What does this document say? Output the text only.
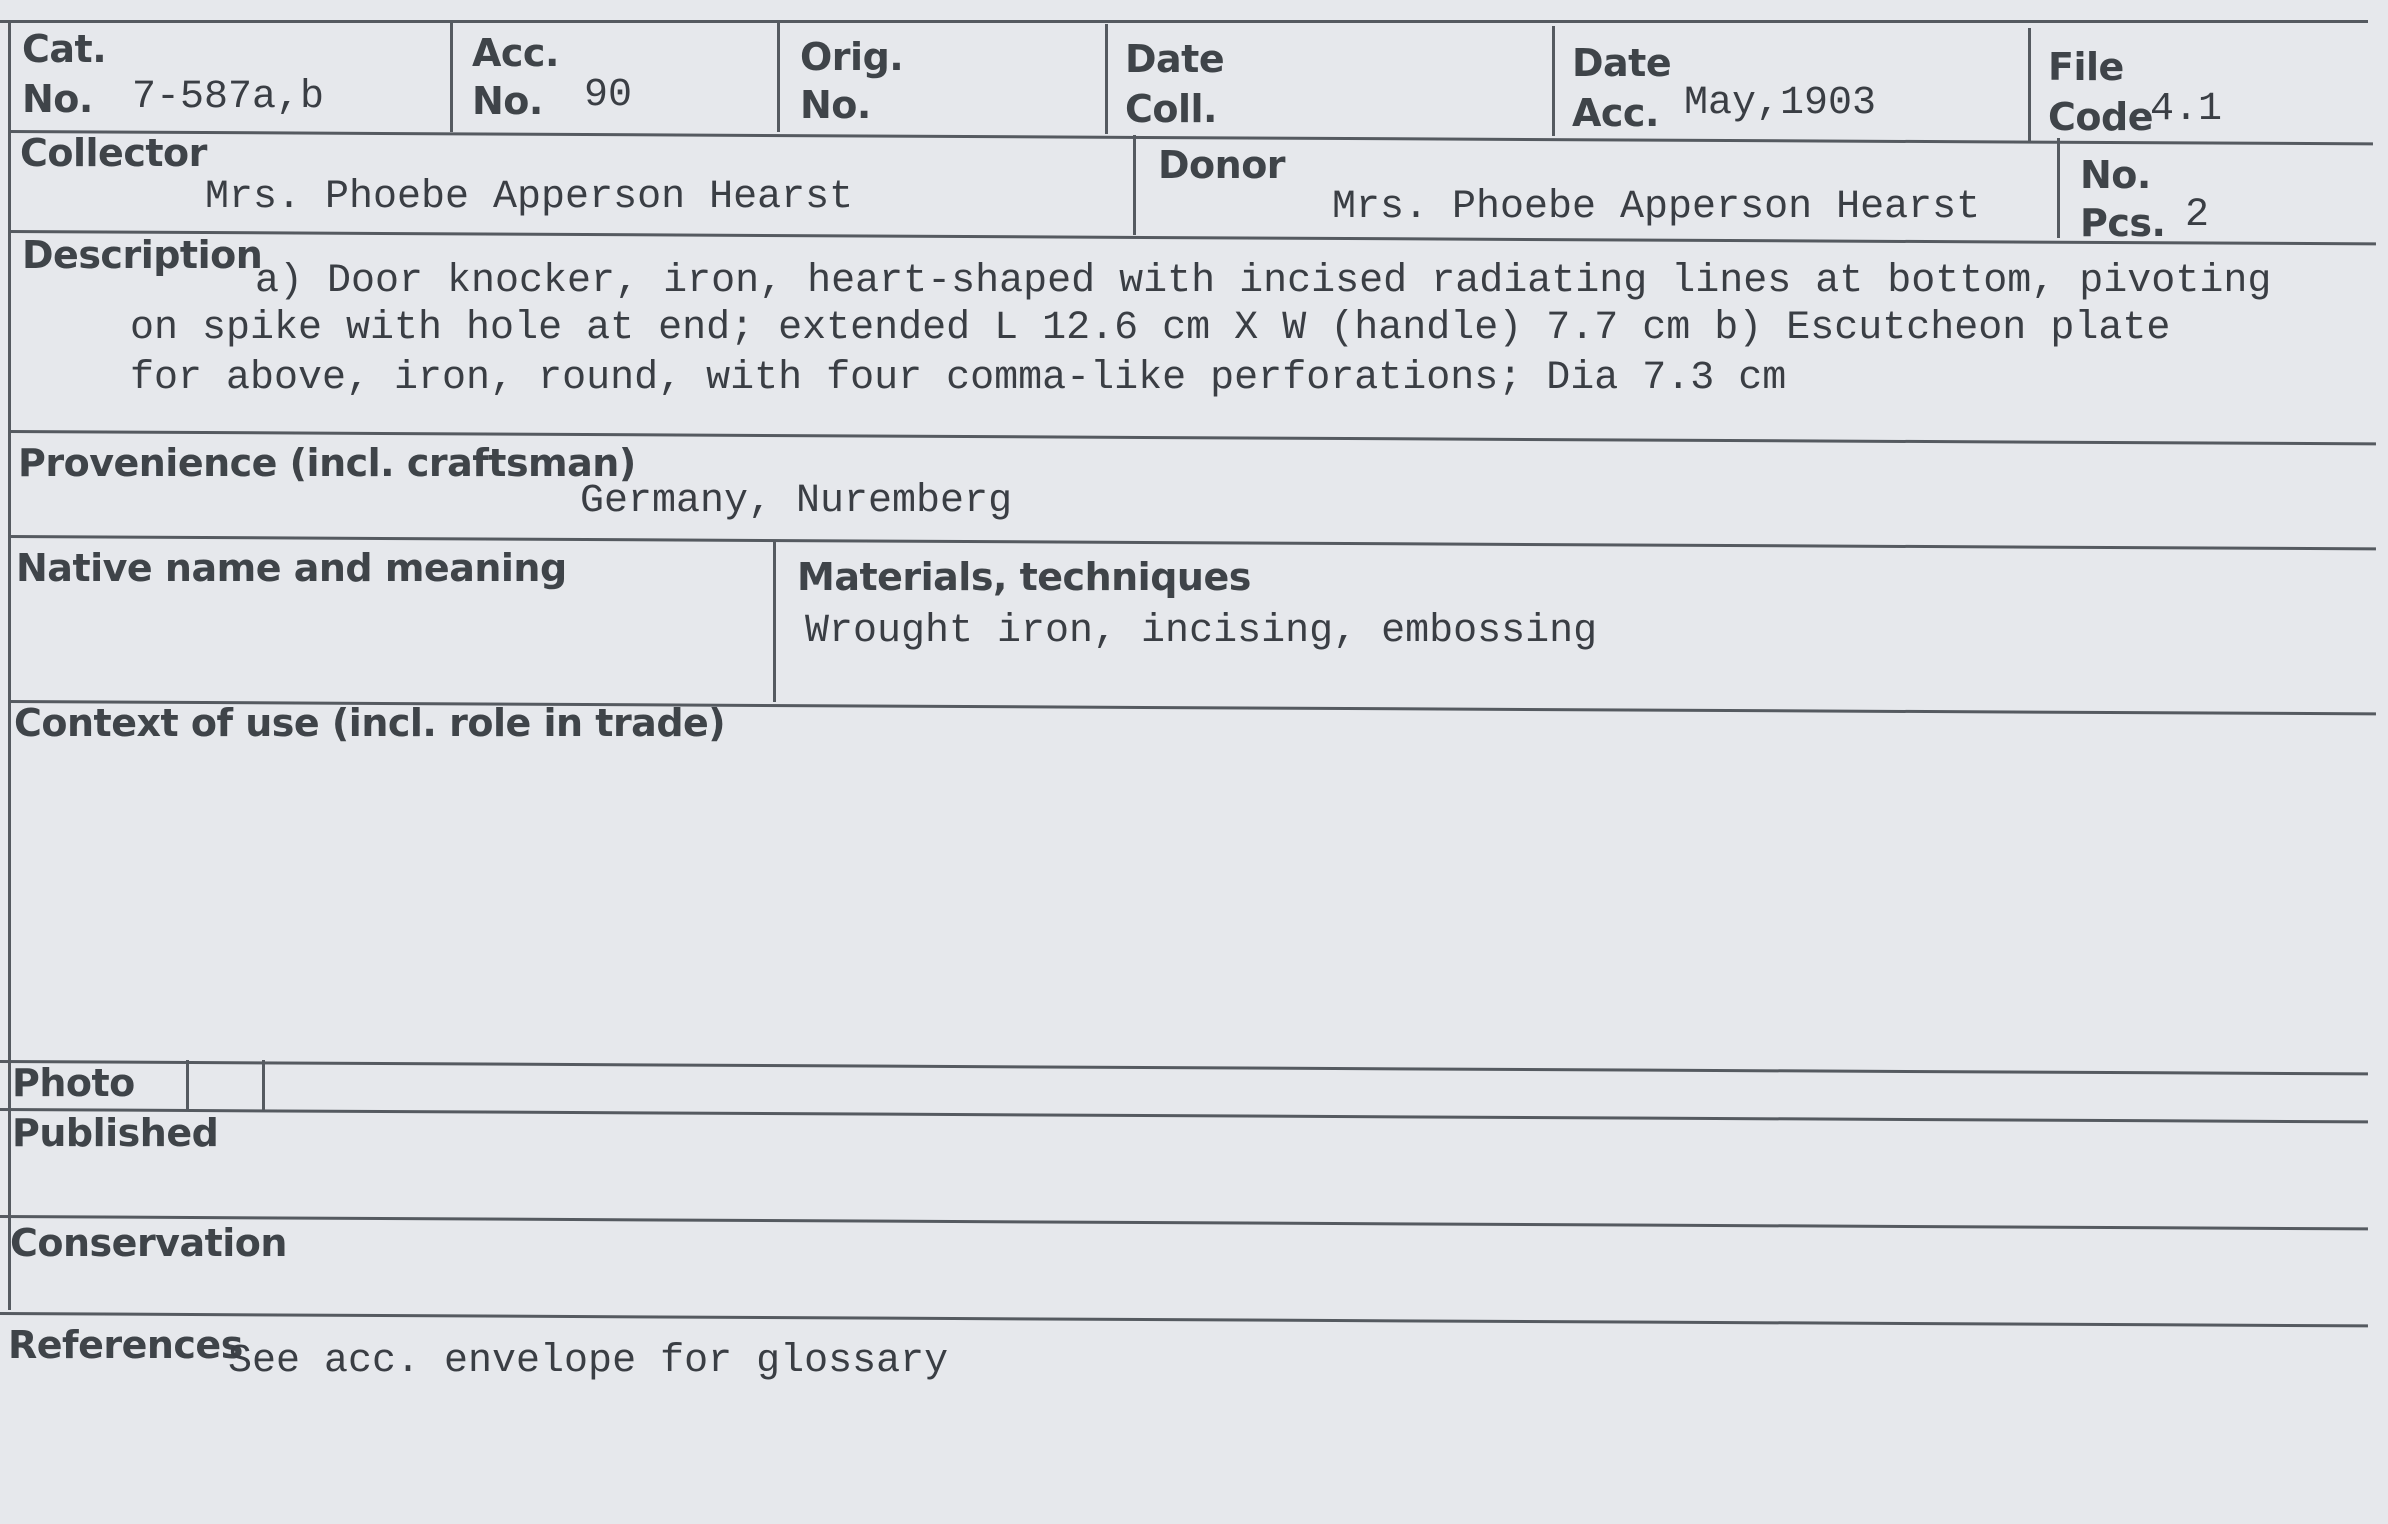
Cat.
No. 7-587a,b
Acc.
No. 90
Orig.
No.
Date
Coll.
Date
Acc. May,1903
File
Code
4.1
Collector
Mrs. Phoebe Apperson Hearst
Donor
Mrs. Phoebe Apperson Hearst
No.
Pcs. 2
Description
a) Door knocker, iron, heart-shaped with incised radiating lines at bottom, pivoting
on spike with hole at end; extended L 12.6 cm X W (handle) 7.7 cm b) Escutcheon plate
for above, iron, round, with four comma-like perforations; Dia 7.3 cm
Provenience (incl. craftsman)
Germany, Nuremberg
Native name and meaning	Materials, techniques
Wrought iron, incising, embossing
Context of use (incl. role in trade)
Photo
Published
Conservation
References
See acc. envelope for glossary
